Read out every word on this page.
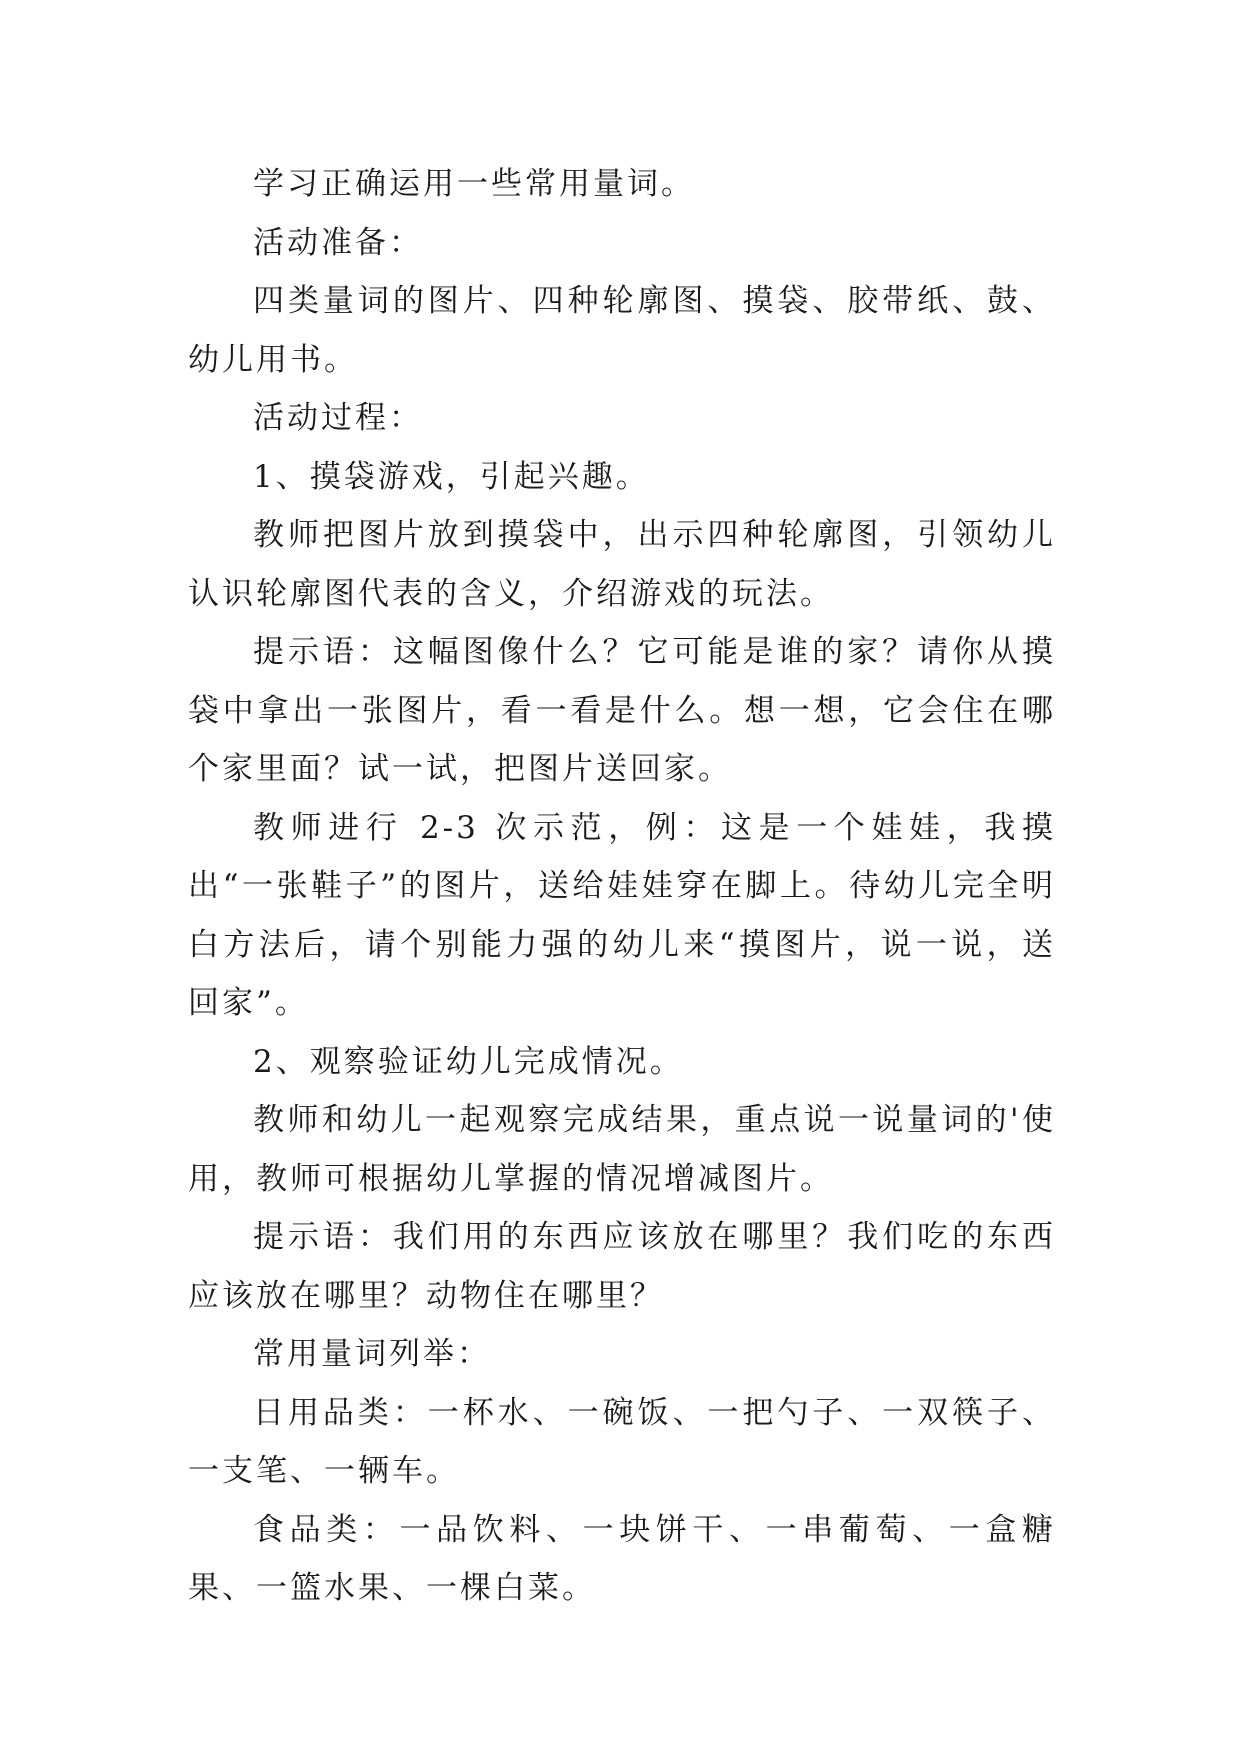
学习正确运用一些常用量词。

活动准备：

四类量词的图片、四种轮廓图、摸袋、胶带纸、鼓、幼儿用书。

活动过程：

1、摸袋游戏，引起兴趣。

教师把图片放到摸袋中，出示四种轮廓图，引领幼儿认识轮廓图代表的含义，介绍游戏的玩法。

提示语：这幅图像什么？它可能是谁的家？请你从摸袋中拿出一张图片，看一看是什么。想一想，它会住在哪个家里面？试一试，把图片送回家。

教师进行 2-3 次示范，例：这是一个娃娃，我摸出“一张鞋子”的图片，送给娃娃穿在脚上。待幼儿完全明白方法后，请个别能力强的幼儿来“摸图片，说一说，送回家”。

2、观察验证幼儿完成情况。

教师和幼儿一起观察完成结果，重点说一说量词的'使用，教师可根据幼儿掌握的情况增减图片。

提示语：我们用的东西应该放在哪里？我们吃的东西应该放在哪里？动物住在哪里？

常用量词列举：

日用品类：一杯水、一碗饭、一把勺子、一双筷子、一支笔、一辆车。

食品类：一品饮料、一块饼干、一串葡萄、一盒糖果、一篮水果、一棵白菜。
